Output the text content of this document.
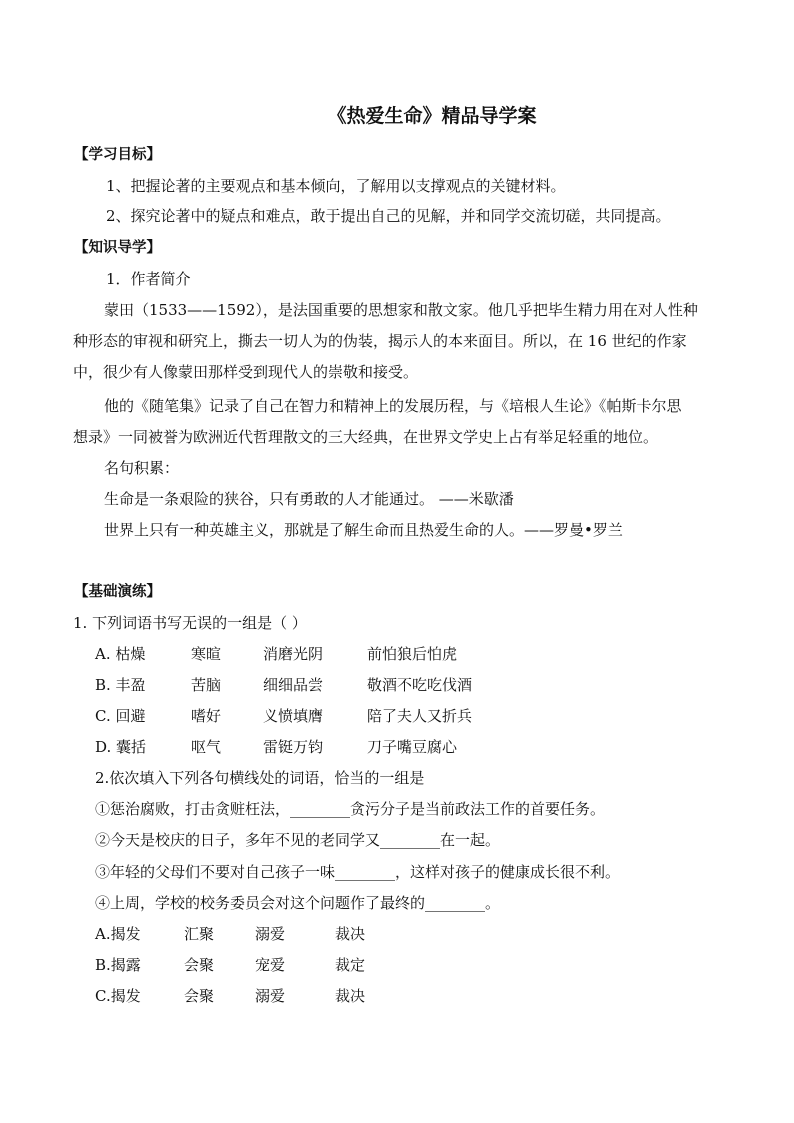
《热爱生命》精品导学案
【学习目标】
1、把握论著的主要观点和基本倾向，了解用以支撑观点的关键材料。
2、探究论著中的疑点和难点，敢于提出自己的见解，并和同学交流切磋，共同提高。
【知识导学】
1．作者简介
蒙田（1533——1592），是法国重要的思想家和散文家。他几乎把毕生精力用在对人性种
种形态的审视和研究上，撕去一切人为的伪装，揭示人的本来面目。所以，在 16 世纪的作家
中，很少有人像蒙田那样受到现代人的崇敬和接受。
他的《随笔集》记录了自己在智力和精神上的发展历程，与《培根人生论》《帕斯卡尔思
想录》一同被誉为欧洲近代哲理散文的三大经典，在世界文学史上占有举足轻重的地位。
名句积累：
生命是一条艰险的狭谷，只有勇敢的人才能通过。 ——米歇潘
世界上只有一种英雄主义，那就是了解生命而且热爱生命的人。——罗曼•罗兰
【基础演练】
1. 下列词语书写无误的一组是（ ）
A. 枯燥	寒暄	消磨光阴	前怕狼后怕虎
B. 丰盈	苦脑	细细品尝	敬酒不吃吃伐酒
C. 回避	嗜好	义愤填膺	陪了夫人又折兵
D. 囊括	呕气	雷铤万钧	刀子嘴豆腐心
2.依次填入下列各句横线处的词语，恰当的一组是
①惩治腐败，打击贪赃枉法，________贪污分子是当前政法工作的首要任务。
②今天是校庆的日子，多年不见的老同学又________在一起。
③年轻的父母们不要对自己孩子一味________，这样对孩子的健康成长很不利。
④上周，学校的校务委员会对这个问题作了最终的________。
A.揭发	汇聚	溺爱	裁决
B.揭露	会聚	宠爱	裁定
C.揭发	会聚	溺爱	裁决
